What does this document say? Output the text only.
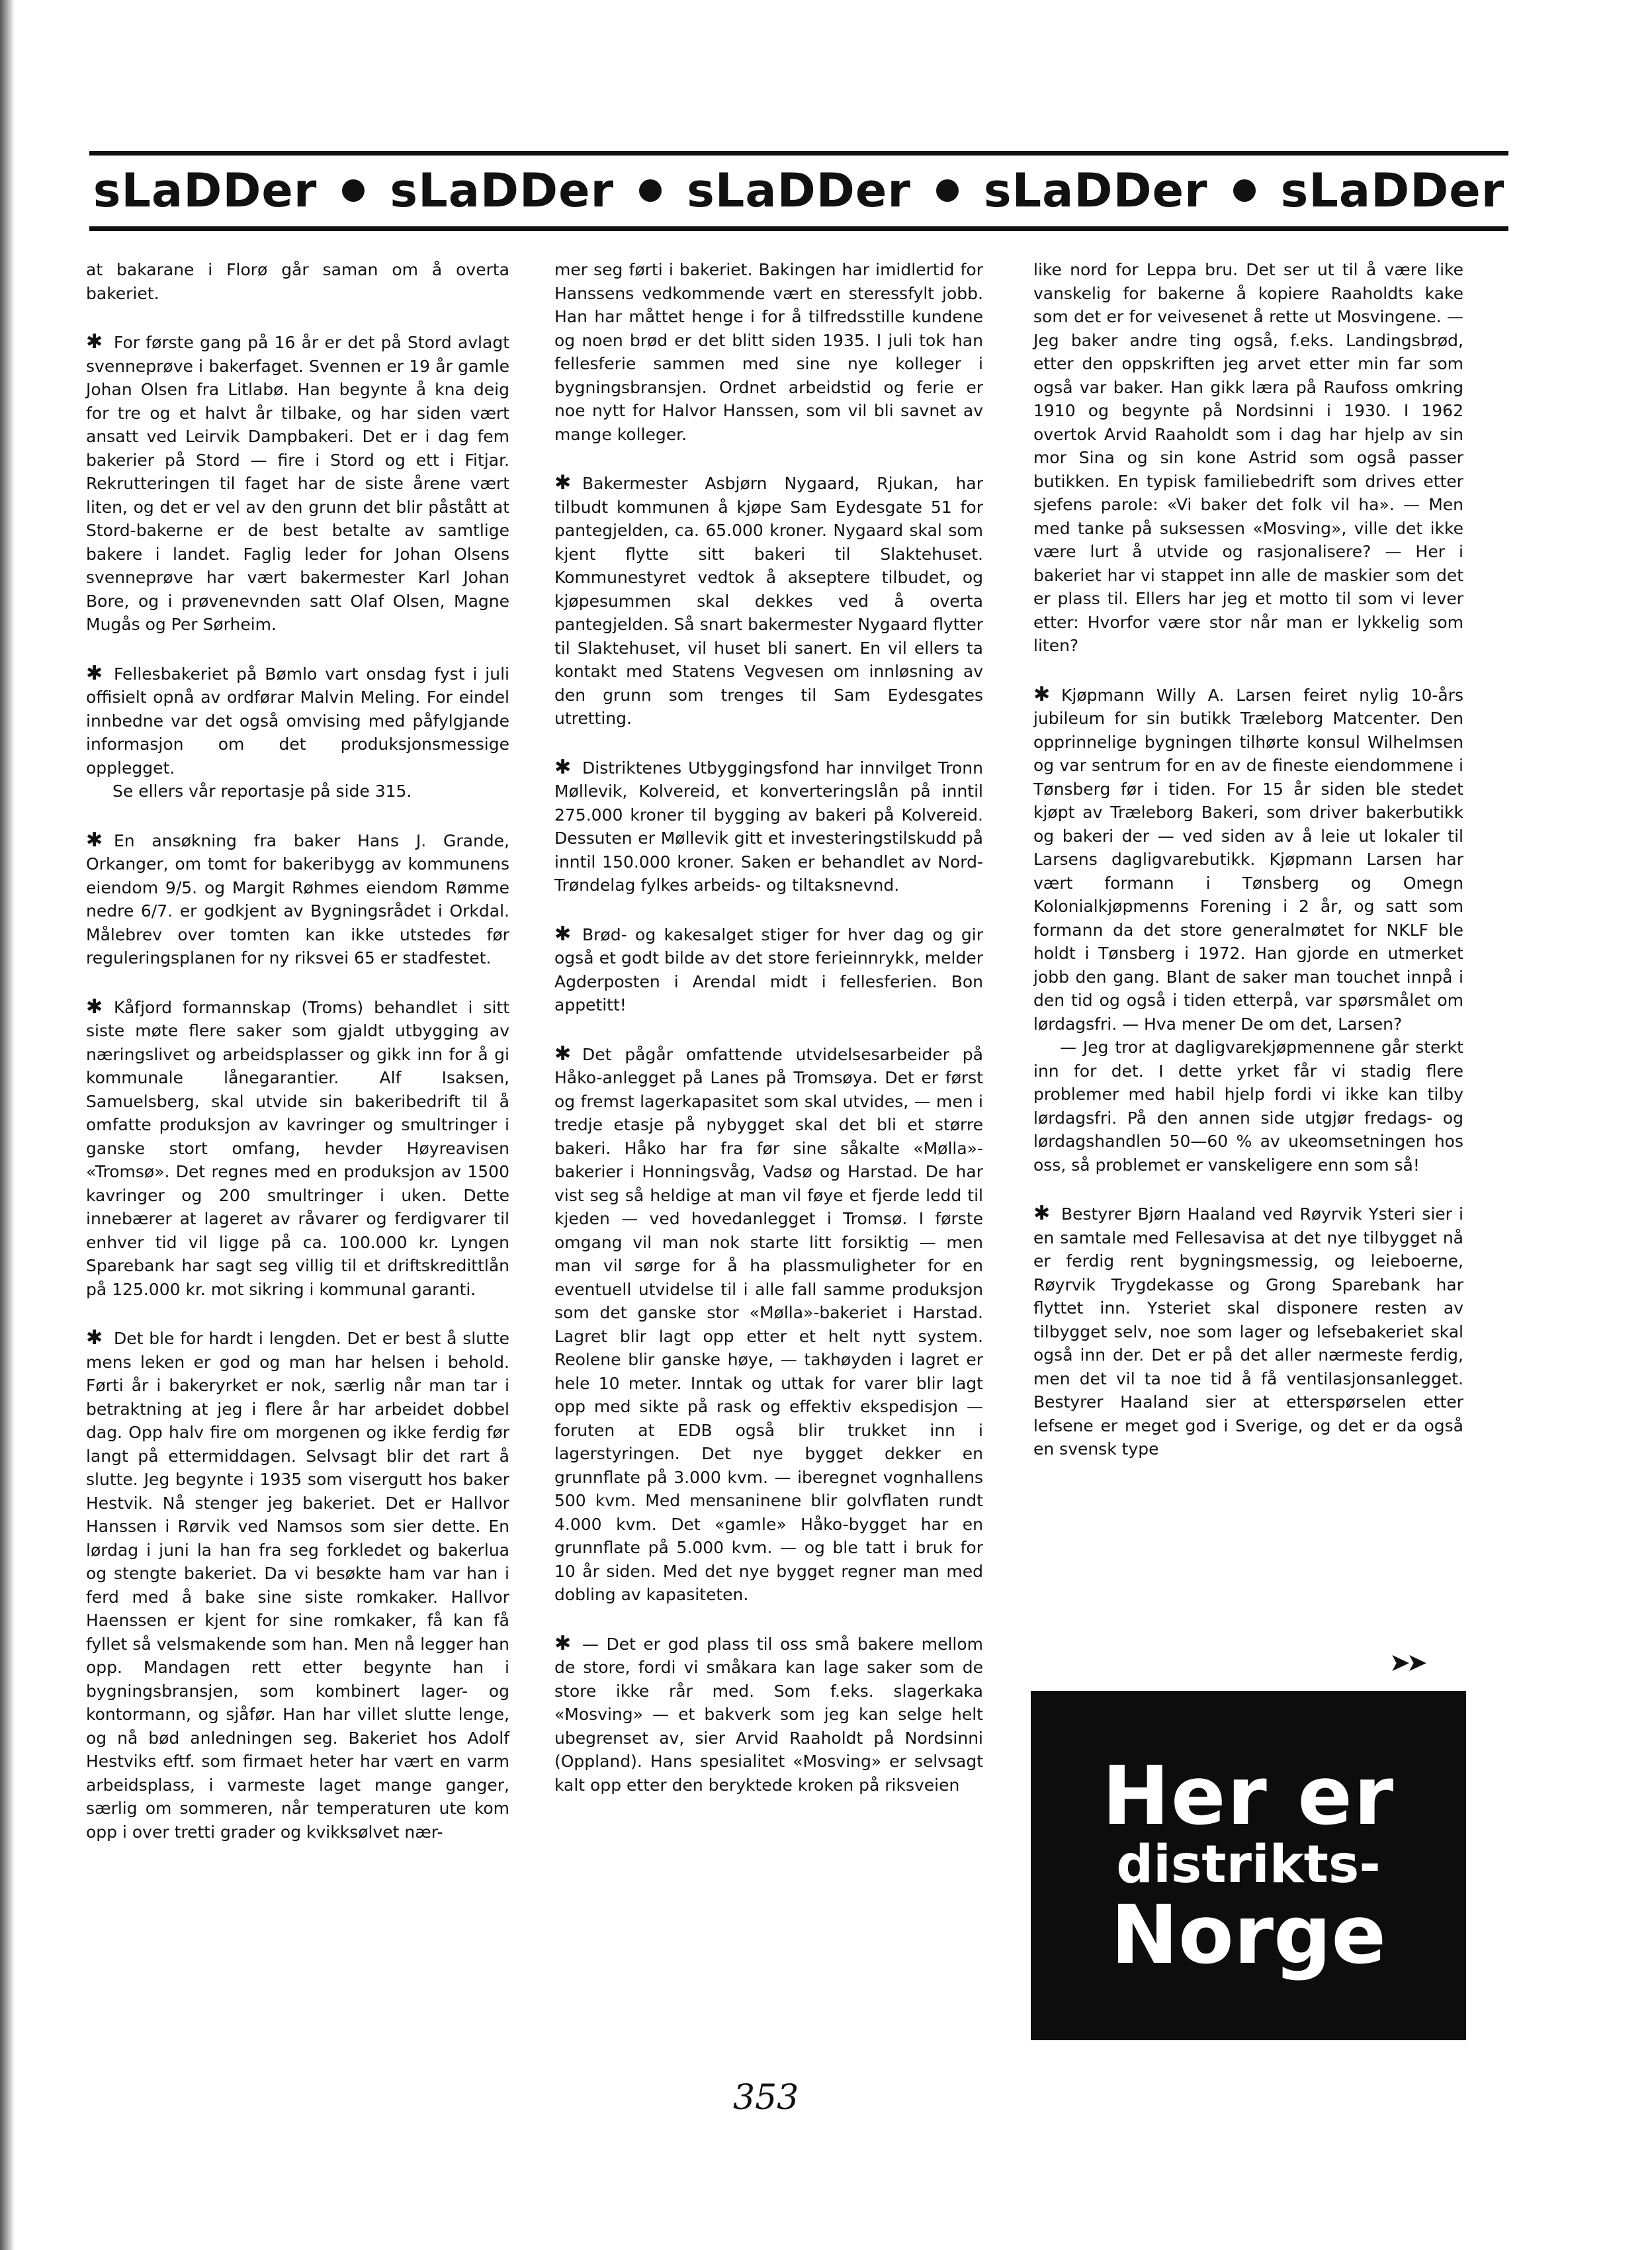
sLaDDer sLaDDer sLaDDer sLaDDer sLaDDer

at bakarane i Florø går saman om å overta bakeriet.

✱ For første gang på 16 år er det på Stord avlagt svenneprøve i bakerfaget. Svennen er 19 år gamle Johan Olsen fra Litlabø. Han begynte å kna deig for tre og et halvt år tilbake, og har siden vært ansatt ved Leirvik Dampbakeri. Det er i dag fem bakerier på Stord — fire i Stord og ett i Fitjar. Rekrutteringen til faget har de siste årene vært liten, og det er vel av den grunn det blir påstått at Stord-bakerne er de best betalte av samtlige bakere i landet. Faglig leder for Johan Olsens svenneprøve har vært bakermester Karl Johan Bore, og i prøvenevnden satt Olaf Olsen, Magne Mugås og Per Sørheim.

✱ Fellesbakeriet på Bømlo vart onsdag fyst i juli offisielt opnå av ordførar Malvin Meling. For eindel innbedne var det også omvising med påfylgjande informasjon om det produksjonsmessige opplegget.

Se ellers vår reportasje på side 315.

✱ En ansøkning fra baker Hans J. Grande, Orkanger, om tomt for bakeribygg av kommunens eiendom 9/5. og Margit Røhmes eiendom Rømme nedre 6/7. er godkjent av Bygningsrådet i Orkdal. Målebrev over tomten kan ikke utstedes før reguleringsplanen for ny riksvei 65 er stadfestet.

✱ Kåfjord formannskap (Troms) behandlet i sitt siste møte flere saker som gjaldt utbygging av næringslivet og arbeidsplasser og gikk inn for å gi kommunale lånegarantier. Alf Isaksen, Samuelsberg, skal utvide sin bakeribedrift til å omfatte produksjon av kavringer og smultringer i ganske stort omfang, hevder Høyreavisen «Tromsø». Det regnes med en produksjon av 1500 kavringer og 200 smultringer i uken. Dette innebærer at lageret av råvarer og ferdigvarer til enhver tid vil ligge på ca. 100.000 kr. Lyngen Sparebank har sagt seg villig til et driftskredittlån på 125.000 kr. mot sikring i kommunal garanti.

✱ Det ble for hardt i lengden. Det er best å slutte mens leken er god og man har helsen i behold. Førti år i bakeryrket er nok, særlig når man tar i betraktning at jeg i flere år har arbeidet dobbel dag. Opp halv fire om morgenen og ikke ferdig før langt på ettermiddagen. Selvsagt blir det rart å slutte. Jeg begynte i 1935 som visergutt hos baker Hestvik. Nå stenger jeg bakeriet. Det er Hallvor Hanssen i Rørvik ved Namsos som sier dette. En lørdag i juni la han fra seg forkledet og bakerlua og stengte bakeriet. Da vi besøkte ham var han i ferd med å bake sine siste romkaker. Hallvor Haenssen er kjent for sine romkaker, få kan få fyllet så velsmakende som han. Men nå legger han opp. Mandagen rett etter begynte han i bygningsbransjen, som kombinert lager- og kontormann, og sjåfør. Han har villet slutte lenge, og nå bød anledningen seg. Bakeriet hos Adolf Hestviks eftf. som firmaet heter har vært en varm arbeidsplass, i varmeste laget mange ganger, særlig om sommeren, når temperaturen ute kom opp i over tretti grader og kvikksølvet nær-

mer seg førti i bakeriet. Bakingen har imidlertid for Hanssens vedkommende vært en steressfylt jobb. Han har måttet henge i for å tilfredsstille kundene og noen brød er det blitt siden 1935. I juli tok han fellesferie sammen med sine nye kolleger i bygningsbransjen. Ordnet arbeidstid og ferie er noe nytt for Halvor Hanssen, som vil bli savnet av mange kolleger.

✱ Bakermester Asbjørn Nygaard, Rjukan, har tilbudt kommunen å kjøpe Sam Eydesgate 51 for pantegjelden, ca. 65.000 kroner. Nygaard skal som kjent flytte sitt bakeri til Slaktehuset. Kommunestyret vedtok å akseptere tilbudet, og kjøpesummen skal dekkes ved å overta pantegjelden. Så snart bakermester Nygaard flytter til Slaktehuset, vil huset bli sanert. En vil ellers ta kontakt med Statens Vegvesen om innløsning av den grunn som trenges til Sam Eydesgates utretting.

✱ Distriktenes Utbyggingsfond har innvilget Tronn Møllevik, Kolvereid, et konverteringslån på inntil 275.000 kroner til bygging av bakeri på Kolvereid. Dessuten er Møllevik gitt et investeringstilskudd på inntil 150.000 kroner. Saken er behandlet av Nord-Trøndelag fylkes arbeids- og tiltaksnevnd.

✱ Brød- og kakesalget stiger for hver dag og gir også et godt bilde av det store ferieinnrykk, melder Agderposten i Arendal midt i fellesferien. Bon appetitt!

✱ Det pågår omfattende utvidelsesarbeider på Håko-anlegget på Lanes på Tromsøya. Det er først og fremst lagerkapasitet som skal utvides, — men i tredje etasje på nybygget skal det bli et større bakeri. Håko har fra før sine såkalte «Mølla»-bakerier i Honningsvåg, Vadsø og Harstad. De har vist seg så heldige at man vil føye et fjerde ledd til kjeden — ved hovedanlegget i Tromsø. I første omgang vil man nok starte litt forsiktig — men man vil sørge for å ha plassmuligheter for en eventuell utvidelse til i alle fall samme produksjon som det ganske stor «Mølla»-bakeriet i Harstad. Lagret blir lagt opp etter et helt nytt system. Reolene blir ganske høye, — takhøyden i lagret er hele 10 meter. Inntak og uttak for varer blir lagt opp med sikte på rask og effektiv ekspedisjon — foruten at EDB også blir trukket inn i lagerstyringen. Det nye bygget dekker en grunnflate på 3.000 kvm. — iberegnet vognhallens 500 kvm. Med mensaninene blir golvflaten rundt 4.000 kvm. Det «gamle» Håko-bygget har en grunnflate på 5.000 kvm. — og ble tatt i bruk for 10 år siden. Med det nye bygget regner man med dobling av kapasiteten.

✱ — Det er god plass til oss små bakere mellom de store, fordi vi småkara kan lage saker som de store ikke rår med. Som f.eks. slagerkaka «Mosving» — et bakverk som jeg kan selge helt ubegrenset av, sier Arvid Raaholdt på Nordsinni (Oppland). Hans spesialitet «Mosving» er selvsagt kalt opp etter den beryktede kroken på riksveien

like nord for Leppa bru. Det ser ut til å være like vanskelig for bakerne å kopiere Raaholdts kake som det er for veivesenet å rette ut Mosvingene. — Jeg baker andre ting også, f.eks. Landingsbrød, etter den oppskriften jeg arvet etter min far som også var baker. Han gikk læra på Raufoss omkring 1910 og begynte på Nordsinni i 1930. I 1962 overtok Arvid Raaholdt som i dag har hjelp av sin mor Sina og sin kone Astrid som også passer butikken. En typisk familiebedrift som drives etter sjefens parole: «Vi baker det folk vil ha». — Men med tanke på suksessen «Mosving», ville det ikke være lurt å utvide og rasjonalisere? — Her i bakeriet har vi stappet inn alle de maskier som det er plass til. Ellers har jeg et motto til som vi lever etter: Hvorfor være stor når man er lykkelig som liten?

✱ Kjøpmann Willy A. Larsen feiret nylig 10-års jubileum for sin butikk Træleborg Matcenter. Den opprinnelige bygningen tilhørte konsul Wilhelmsen og var sentrum for en av de fineste eiendommene i Tønsberg før i tiden. For 15 år siden ble stedet kjøpt av Træleborg Bakeri, som driver bakerbutikk og bakeri der — ved siden av å leie ut lokaler til Larsens dagligvarebutikk. Kjøpmann Larsen har vært formann i Tønsberg og Omegn Kolonialkjøpmenns Forening i 2 år, og satt som formann da det store generalmøtet for NKLF ble holdt i Tønsberg i 1972. Han gjorde en utmerket jobb den gang. Blant de saker man touchet innpå i den tid og også i tiden etterpå, var spørsmålet om lørdagsfri. — Hva mener De om det, Larsen?

— Jeg tror at dagligvarekjøpmennene går sterkt inn for det. I dette yrket får vi stadig flere problemer med habil hjelp fordi vi ikke kan tilby lørdagsfri. På den annen side utgjør fredags- og lørdagshandlen 50—60 % av ukeomsetningen hos oss, så problemet er vanskeligere enn som så!

✱ Bestyrer Bjørn Haaland ved Røyrvik Ysteri sier i en samtale med Fellesavisa at det nye tilbygget nå er ferdig rent bygningsmessig, og leieboerne, Røyrvik Trygdekasse og Grong Sparebank har flyttet inn. Ysteriet skal disponere resten av tilbygget selv, noe som lager og lefsebakeriet skal også inn der. Det er på det aller nærmeste ferdig, men det vil ta noe tid å få ventilasjonsanlegget. Bestyrer Haaland sier at etterspørselen etter lefsene er meget god i Sverige, og det er da også en svensk type

➤➤
Her er
distrikts-
Norge
353
